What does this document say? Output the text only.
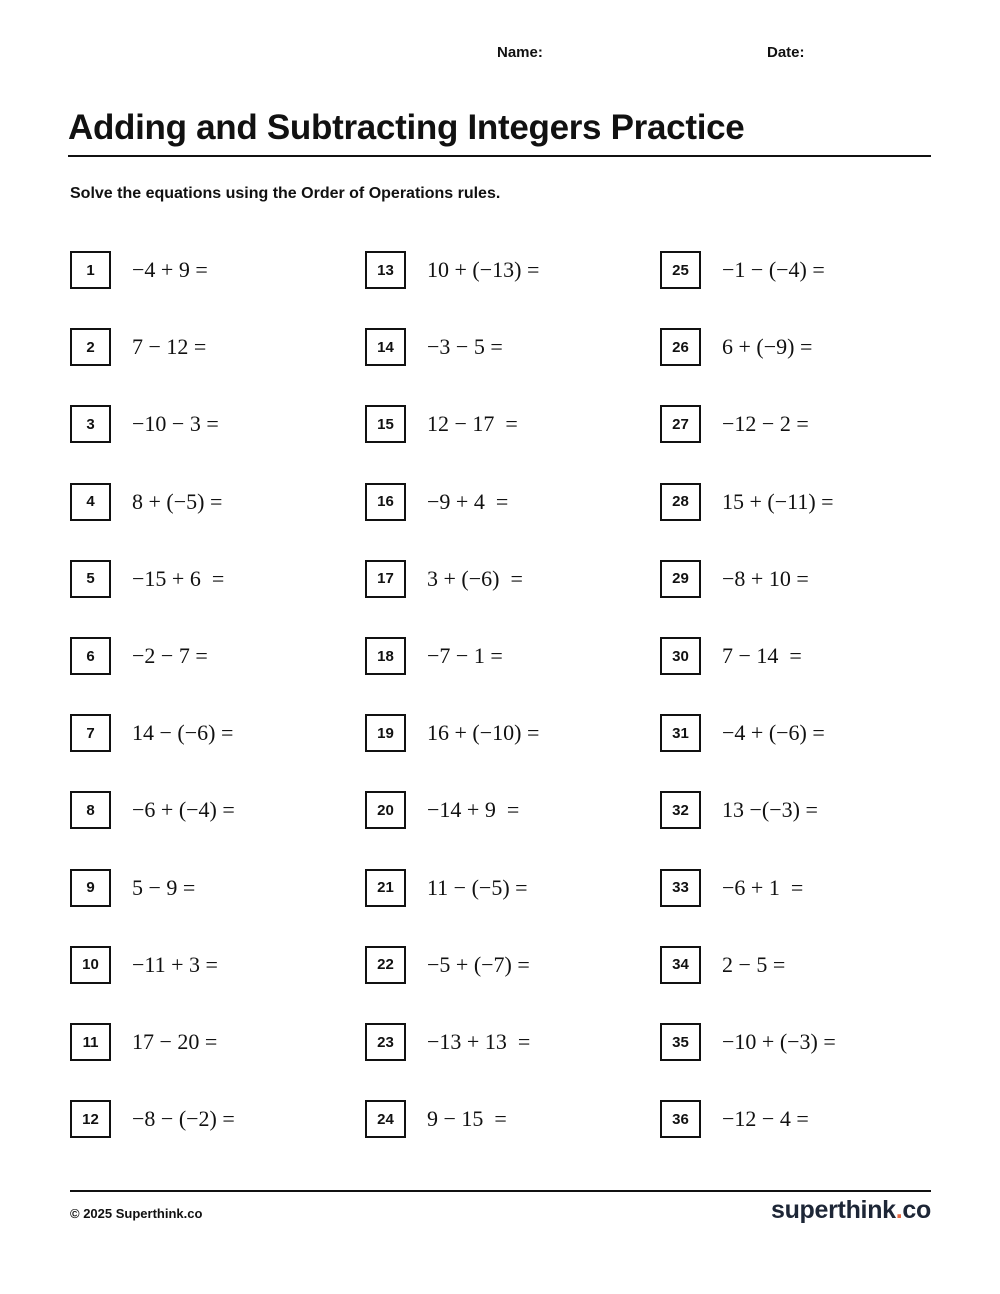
Name:	Date:
Adding and Subtracting Integers Practice
Solve the equations using the Order of Operations rules.
1	−4 + 9 =
2	7 − 12 =
3	−10 − 3 =
4	8 + (−5) =
5	−15 + 6  =
6	−2 − 7 =
7	14 − (−6) =
8	−6 + (−4) =
9	5 − 9 =
10	−11 + 3 =
11	17 − 20 =
12	−8 − (−2) =
13	10 + (−13) =
14	−3 − 5 =
15	12 − 17  =
16	−9 + 4  =
17	3 + (−6)  =
18	−7 − 1 =
19	16 + (−10) =
20	−14 + 9  =
21	11 − (−5) =
22	−5 + (−7) =
23	−13 + 13  =
24	9 − 15  =
25	−1 − (−4) =
26	6 + (−9) =
27	−12 − 2 =
28	15 + (−11) =
29	−8 + 10 =
30	7 − 14  =
31	−4 + (−6) =
32	13 −(−3) =
33	−6 + 1  =
34	2 − 5 =
35	−10 + (−3) =
36	−12 − 4 =
© 2025 Superthink.co	superthink.co
